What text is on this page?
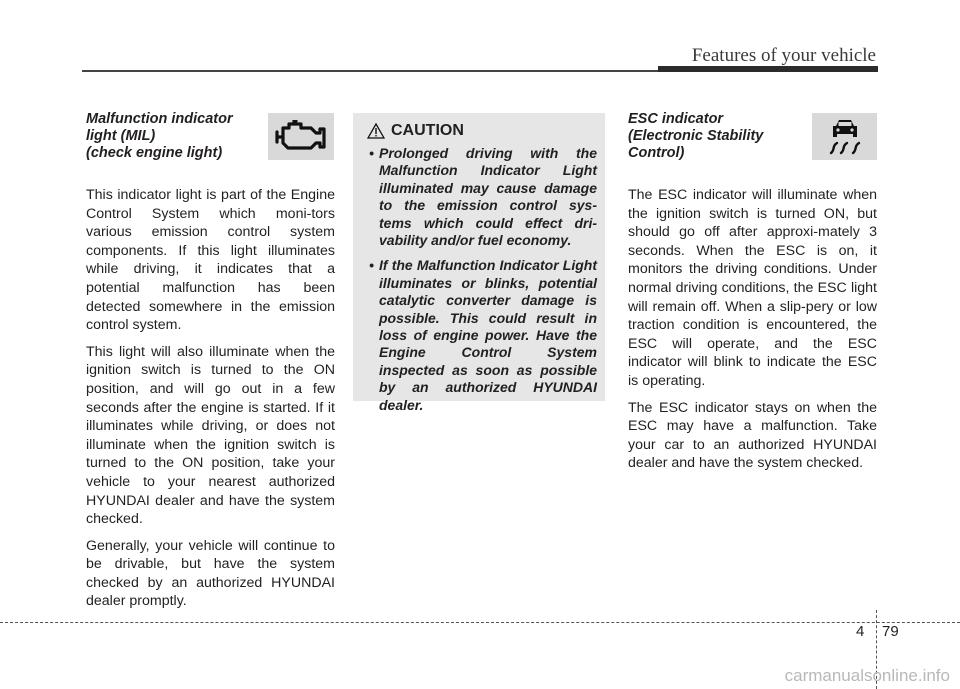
Features of your vehicle
Malfunction indicator
light (MIL)
(check engine light)

This indicator light is part of the Engine Control System which moni-tors various emission control system components. If this light illuminates while driving, it indicates that a potential malfunction has been detected somewhere in the emission control system.

This light will also illuminate when the ignition switch is turned to the ON position, and will go out in a few seconds after the engine is started. If it illuminates while driving, or does not illuminate when the ignition switch is turned to the ON position, take your vehicle to your nearest authorized HYUNDAI dealer and have the system checked.

Generally, your vehicle will continue to be drivable, but have the system checked by an authorized HYUNDAI dealer promptly.

CAUTION
• Prolonged driving with the Malfunction Indicator Light illuminated may cause damage to the emission control sys-tems which could effect dri-vability and/or fuel economy.
• If the Malfunction Indicator Light illuminates or blinks, potential catalytic converter damage is possible. This could result in loss of engine power. Have the Engine Control System inspected as soon as possible by an authorized HYUNDAI dealer.
ESC indicator
(Electronic Stability
Control)

The ESC indicator will illuminate when the ignition switch is turned ON, but should go off after approxi-mately 3 seconds. When the ESC is on, it monitors the driving conditions. Under normal driving conditions, the ESC light will remain off. When a slip-pery or low traction condition is encountered, the ESC will operate, and the ESC indicator will blink to indicate the ESC is operating.

The ESC indicator stays on when the ESC may have a malfunction. Take your car to an authorized HYUNDAI dealer and have the system checked.

4 79
carmanualsonline.info
